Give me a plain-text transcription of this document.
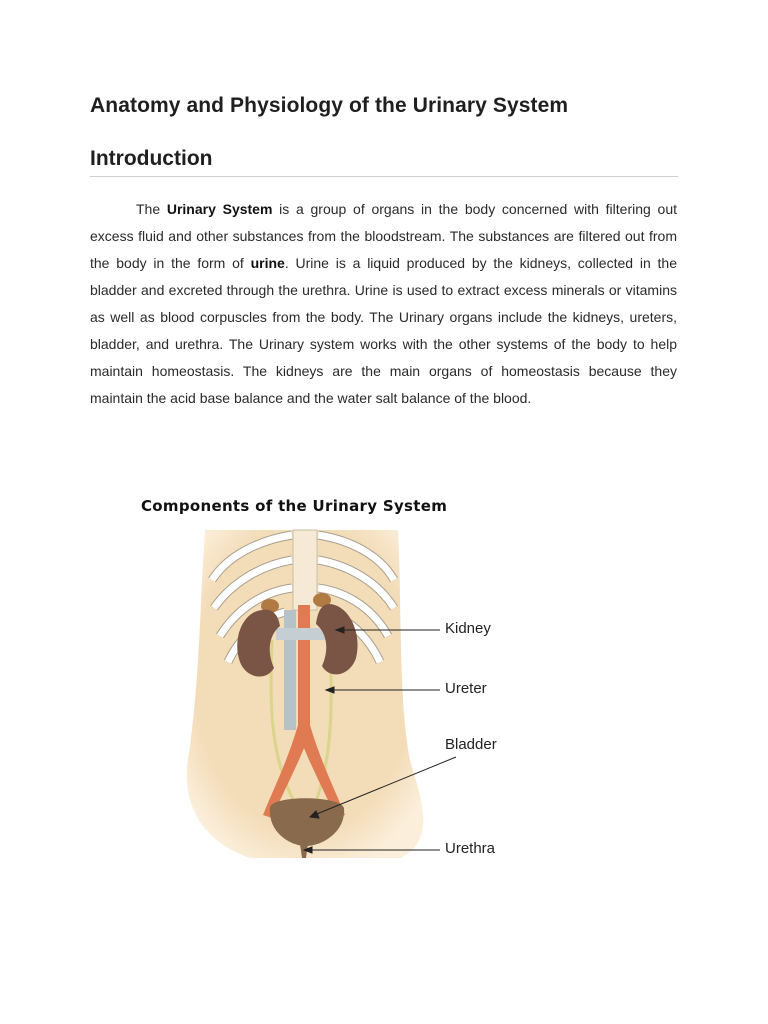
Anatomy and Physiology of the Urinary System
Introduction

The Urinary System is a group of organs in the body concerned with filtering out excess fluid and other substances from the bloodstream. The substances are filtered out from the body in the form of urine. Urine is a liquid produced by the kidneys, collected in the bladder and excreted through the urethra. Urine is used to extract excess minerals or vitamins as well as blood corpuscles from the body. The Urinary organs include the kidneys, ureters, bladder, and urethra. The Urinary system works with the other systems of the body to help maintain homeostasis. The kidneys are the main organs of homeostasis because they maintain the acid base balance and the water salt balance of the blood.

Components of the Urinary System
Kidney
Ureter
Bladder
Urethra
